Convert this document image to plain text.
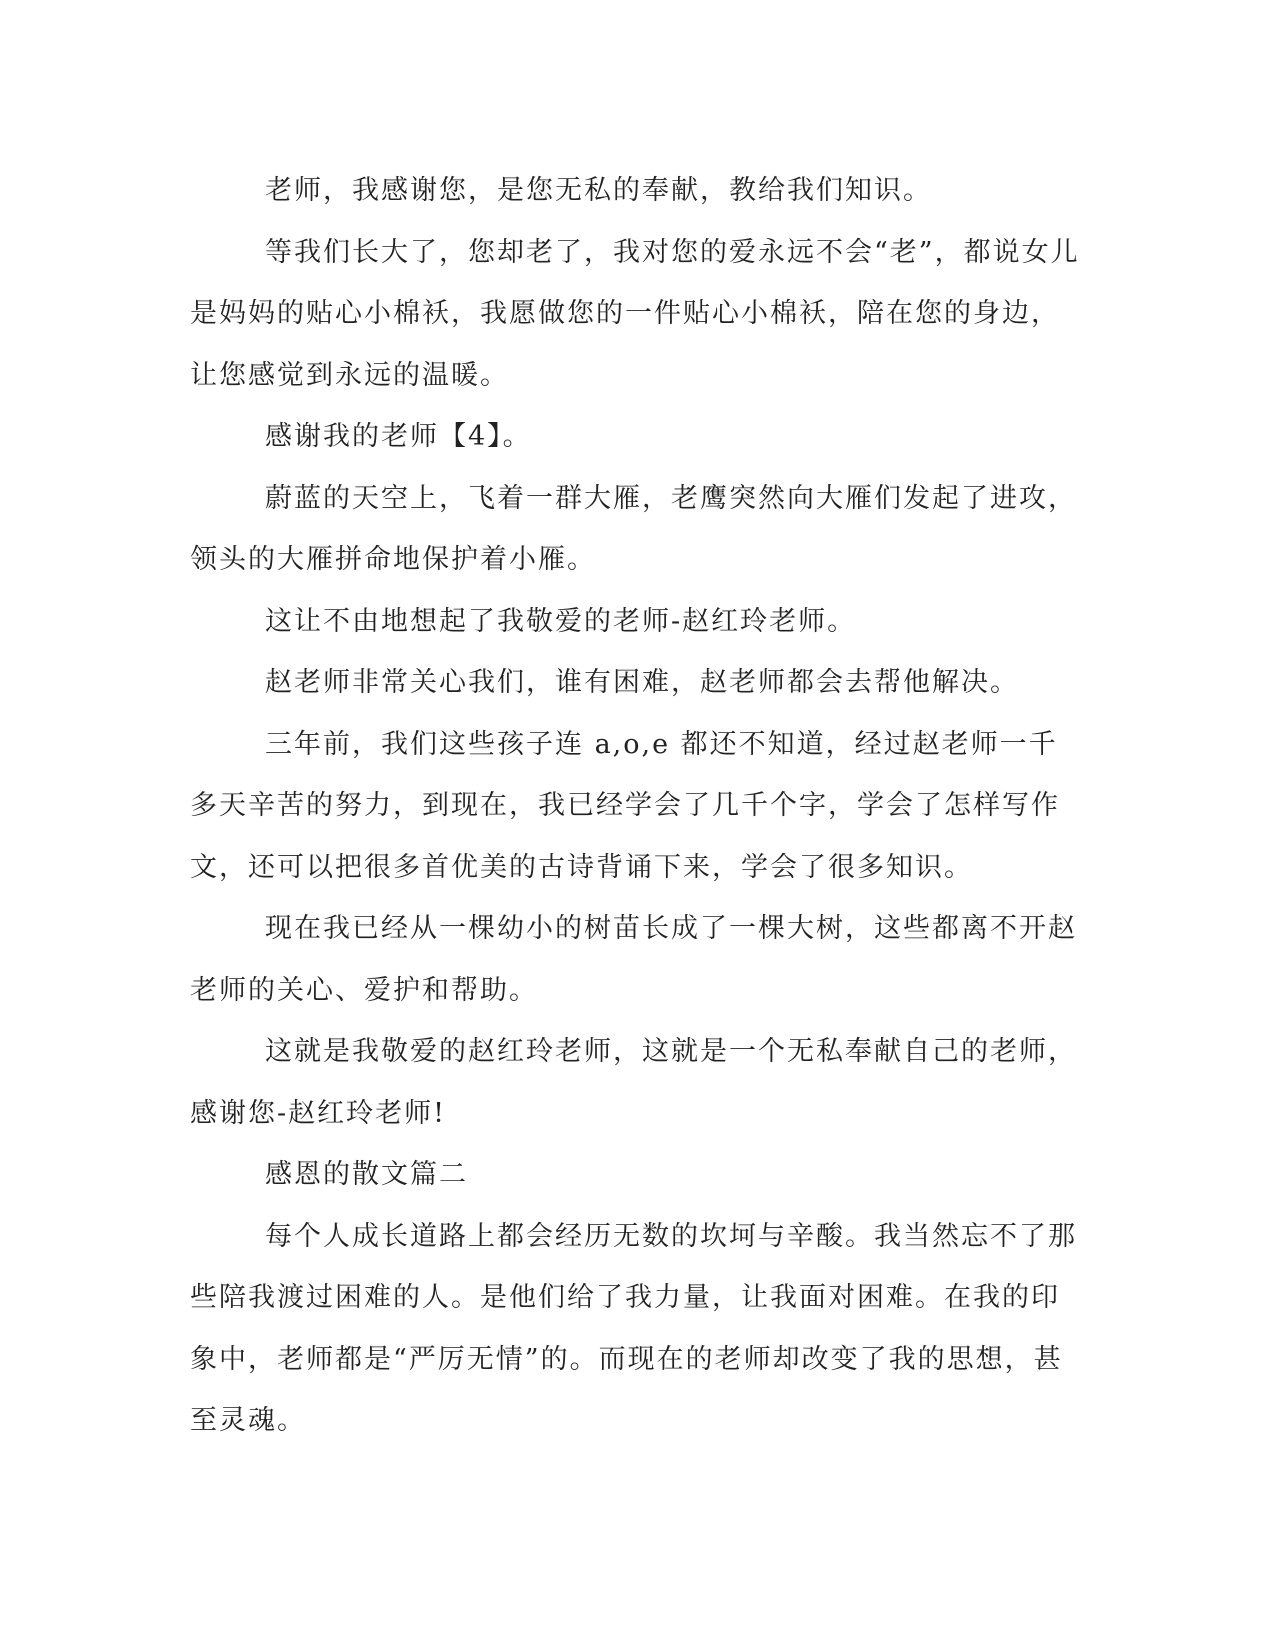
老师，我感谢您，是您无私的奉献，教给我们知识。

等我们长大了，您却老了，我对您的爱永远不会“老”，都说女儿是妈妈的贴心小棉袄，我愿做您的一件贴心小棉袄，陪在您的身边，让您感觉到永远的温暖。

感谢我的老师【4】。

蔚蓝的天空上，飞着一群大雁，老鹰突然向大雁们发起了进攻，领头的大雁拼命地保护着小雁。

这让不由地想起了我敬爱的老师-赵红玲老师。

赵老师非常关心我们，谁有困难，赵老师都会去帮他解决。

三年前，我们这些孩子连 a,o,e 都还不知道，经过赵老师一千多天辛苦的努力，到现在，我已经学会了几千个字，学会了怎样写作文，还可以把很多首优美的古诗背诵下来，学会了很多知识。

现在我已经从一棵幼小的树苗长成了一棵大树，这些都离不开赵老师的关心、爱护和帮助。

这就是我敬爱的赵红玲老师，这就是一个无私奉献自己的老师，感谢您-赵红玲老师!

感恩的散文篇二

每个人成长道路上都会经历无数的坎坷与辛酸。我当然忘不了那些陪我渡过困难的人。是他们给了我力量，让我面对困难。在我的印象中，老师都是“严厉无情”的。而现在的老师却改变了我的思想，甚至灵魂。
